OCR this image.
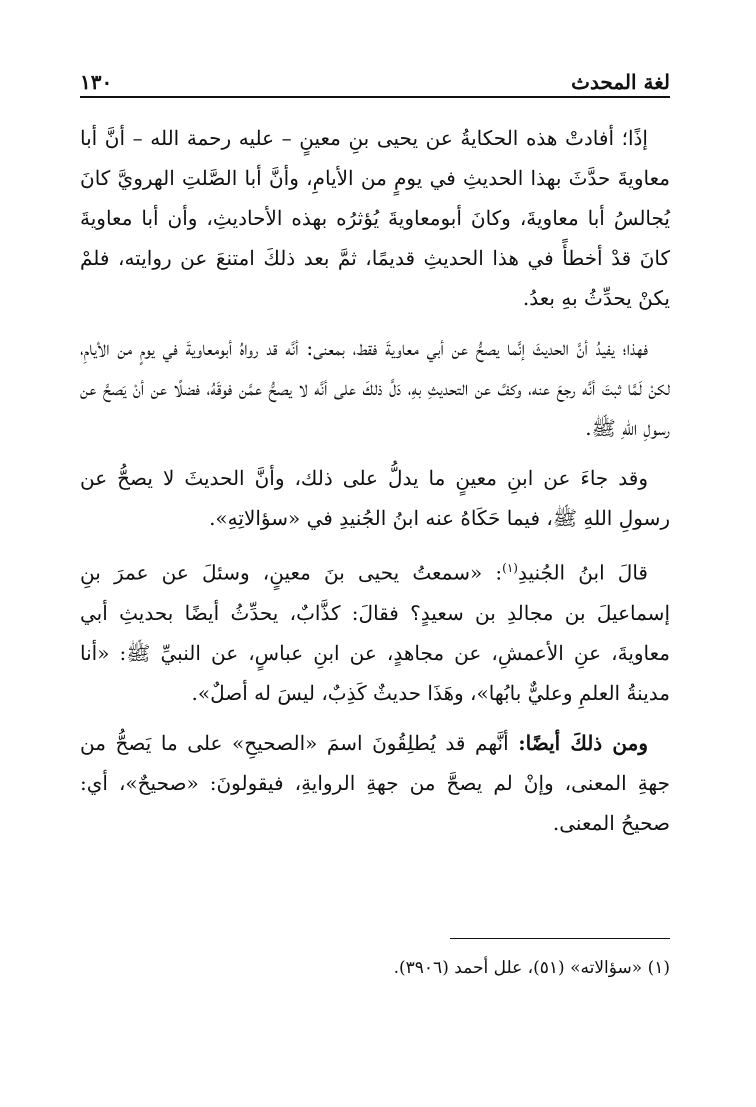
١٣٠	لغة المحدث

إذًا؛ أفادتْ هذه الحكايةُ عن يحيى بنِ معينٍ – عليه رحمة الله – أنَّ أبا معاويةَ حدَّثَ بهذا الحديثِ في يومٍ من الأيامِ، وأنَّ أبا الصَّلتِ الهرويَّ كانَ يُجالسُ أبا معاويةَ، وكانَ أبومعاويةَ يُؤثرُه بهذه الأحاديثِ، وأن أبا معاويةَ كانَ قدْ أخطأً في هذا الحديثِ قديمًا، ثمَّ بعد ذلكَ امتنعَ عن روايته، فلمْ يكنْ يحدِّثُ بهِ بعدُ.

فهذا؛ يفيدُ أنَّ الحديثَ إنَّما يصحُّ عن أبي معاويةَ فقط، بمعنى: أنَّه قد رواهُ أبومعاويةَ في يومٍ من الأيامِ، لكنْ لَمَّا ثبتَ أنَّه رجعَ عنه، وكفَّ عن التحديثِ بهِ، دَلَّ ذلكَ على أنَّه لا يصحُّ عمَّن فوقَهُ، فضلًا عن أنْ يَصحَّ عن رسولِ اللهِ ﷺ.

وقد جاءَ عن ابنِ معينٍ ما يدلُّ على ذلك، وأنَّ الحديثَ لا يصحُّ عن رسولِ اللهِ ﷺ، فيما حَكَاهُ عنه ابنُ الجُنيدِ في «سؤالاتِهِ».

قالَ ابنُ الجُنيدِ$^{(١)}$: «سمعتُ يحيى بنَ معينٍ، وسئلَ عن عمرَ بنِ إسماعيلَ بن مجالدِ بن سعيدٍ؟ فقالَ: كذَّابٌ، يحدِّثُ أيضًا بحديثِ أبي معاويةَ، عنِ الأعمشِ، عن مجاهدٍ، عن ابنِ عباسٍ، عن النبيِّ ﷺ: «أنا مدينةُ العلمِ وعليٌّ بابُها»، وهَذَا حديثٌ كَذِبٌ، ليسَ له أصلٌ».

ومن ذلكَ أيضًا: أنَّهم قد يُطلِقُونَ اسمَ «الصحيحِ» على ما يَصحُّ من جهةِ المعنى، وإنْ لم يصحَّ من جهةِ الروايةِ، فيقولونَ: «صحيحٌ»، أي: صحيحُ المعنى.

(١) «سؤالاته» (٥١)، علل أحمد (٣٩٠٦).
